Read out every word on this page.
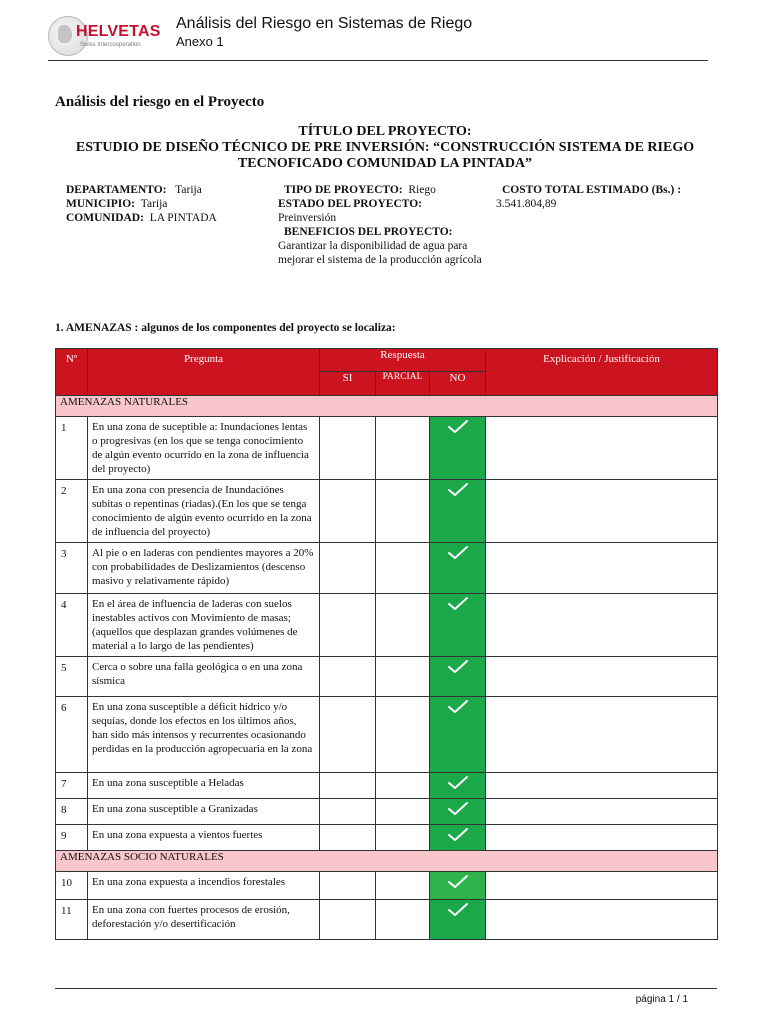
HELVETAS
Swiss Intercooperation
Análisis del Riesgo en Sistemas de Riego
Anexo 1
Análisis del riesgo en el Proyecto
TÍTULO DEL PROYECTO:
ESTUDIO DE DISEÑO TÉCNICO DE PRE INVERSIÓN: “CONSTRUCCIÓN SISTEMA DE RIEGO
TECNOFICADO COMUNIDAD LA PINTADA”
DEPARTAMENTO: Tarija
MUNICIPIO: Tarija
COMUNIDAD: LA PINTADA
TIPO DE PROYECTO: Riego
ESTADO DEL PROYECTO:
Preinversión
BENEFICIOS DEL PROYECTO:
Garantizar la disponibilidad de agua para
mejorar el sistema de la producción agrícola
COSTO TOTAL ESTIMADO (Bs.) :
3.541.804,89
1. AMENAZAS : algunos de los componentes del proyecto se localiza:
Nº	Pregunta	Respuesta			Explicación / Justificación
		SI	PARCIAL	NO	
AMENAZAS NATURALES					
1	En una zona de suceptible a: Inundaciones lentas o progresivas (en los que se tenga conocimiento de algún evento ocurrido en la zona de influencia del proyecto)			

2	En una zona con presencia de Inundaciónes subitas o repentinas (riadas).(En los que se tenga conocimiento de algún evento ocurrido en la zona de influencia del proyecto)			

3	Al pie o en laderas con pendientes mayores a 20% con probabilidades de Deslizamientos (descenso masivo y relativamente rápido)			

4	En el área de influencia de laderas con suelos inestables activos con Movimiento de masas; (aquellos que desplazan grandes volúmenes de material a lo largo de las pendientes)			

5	Cerca o sobre una falla geológica o en una zona sísmica			

6	En una zona susceptible a déficit hídrico y/o sequías, donde los efectos en los últimos años, han sido más intensos y recurrentes ocasionando perdidas en la producción agropecuaria en la zona			

7	En una zona susceptible a Heladas			

8	En una zona susceptible a Granizadas			

9	En una zona expuesta a vientos fuertes			

AMENAZAS SOCIO NATURALES					
10	En una zona expuesta a incendios forestales			

11	En una zona con fuertes procesos de erosión, deforestación y/o desertificación			

página 1 / 1
